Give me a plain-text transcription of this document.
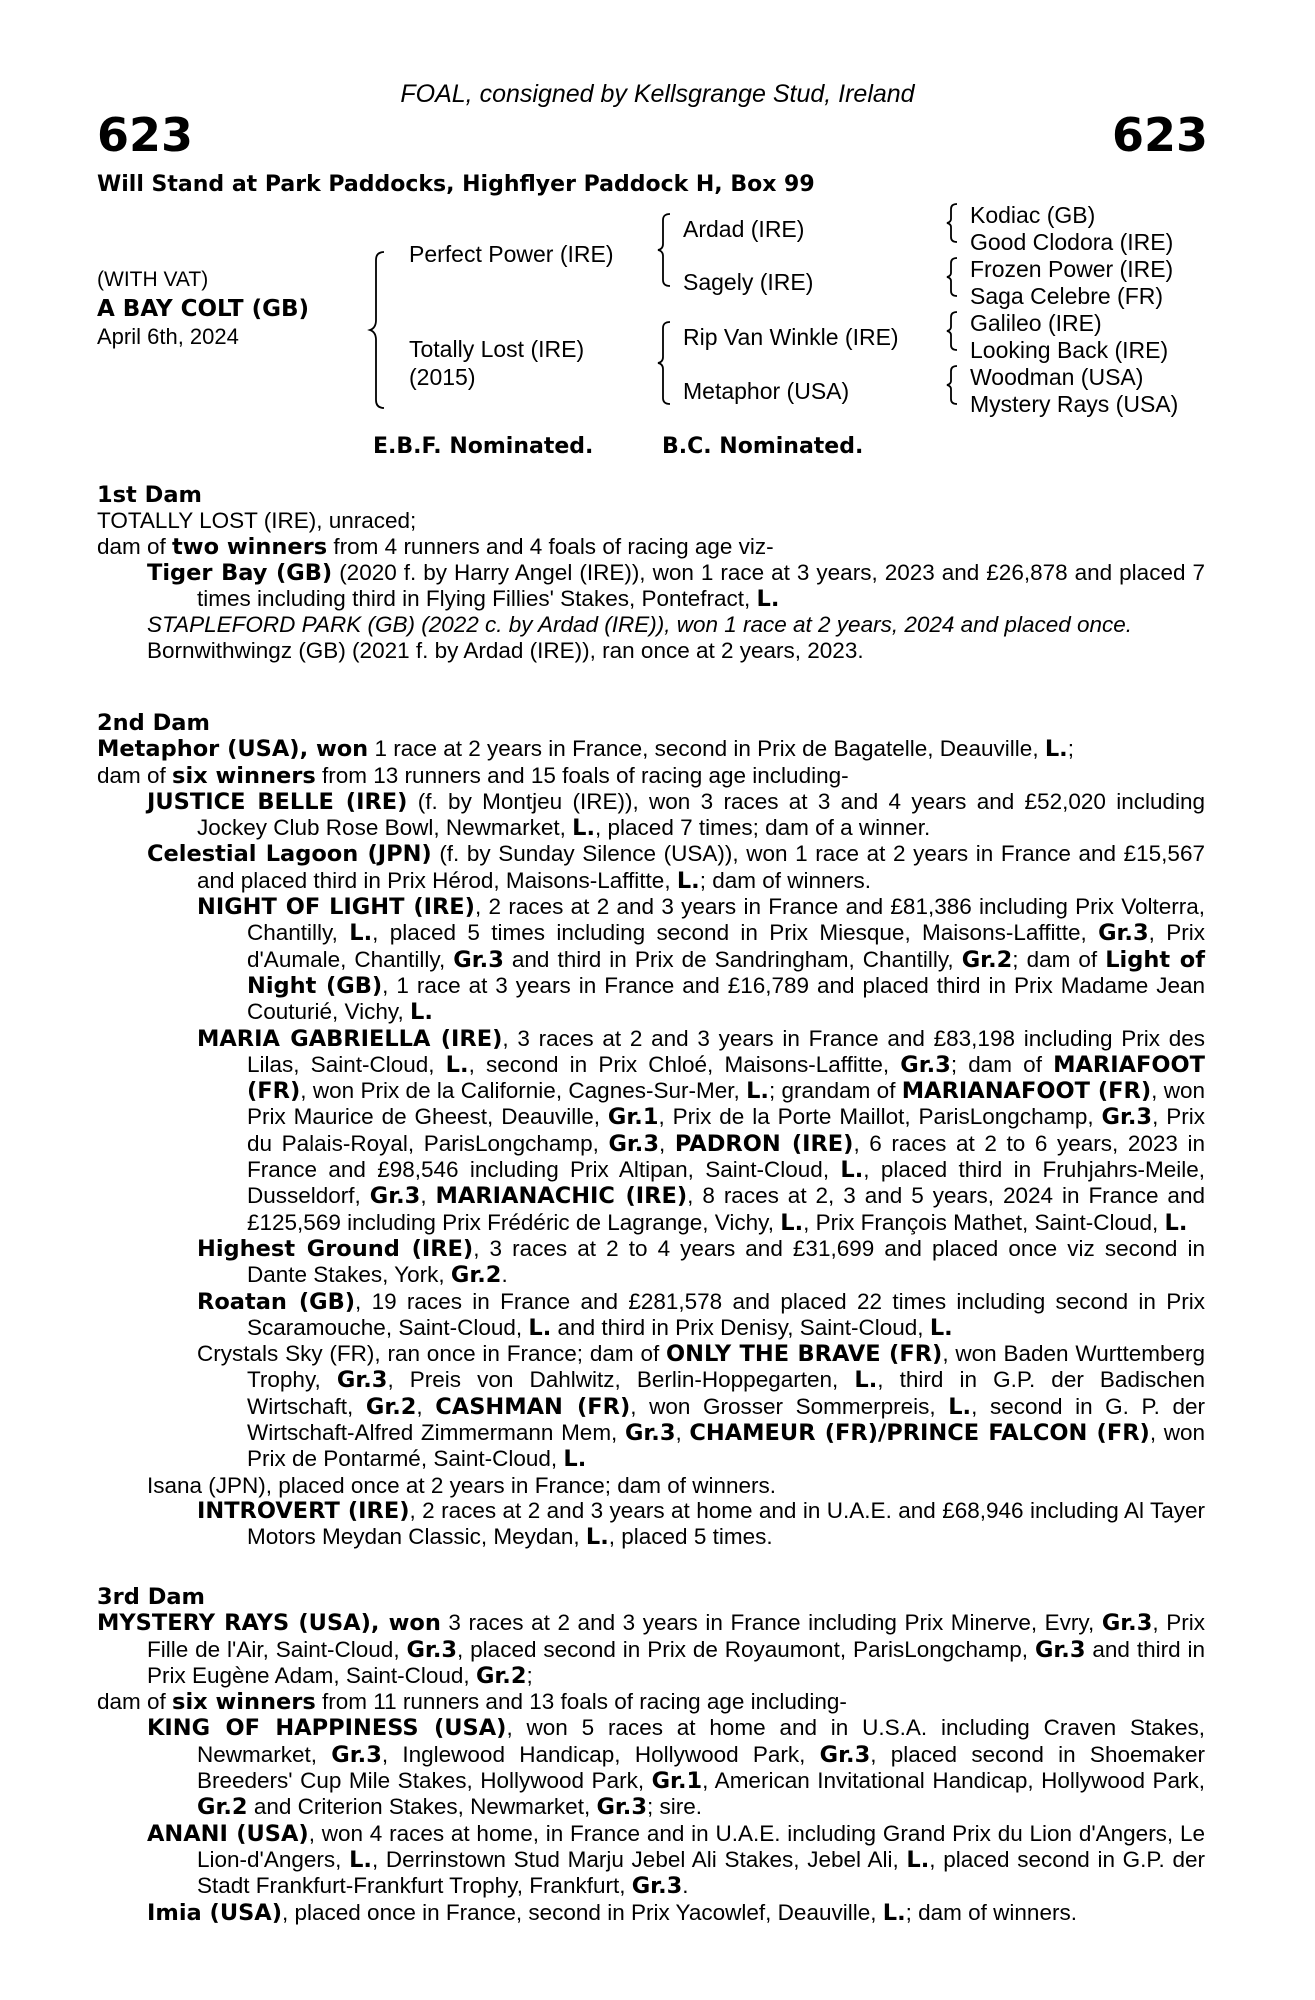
FOAL, consigned by Kellsgrange Stud, Ireland
623	623
Will Stand at Park Paddocks, Highflyer Paddock H, Box 99
(WITH VAT)
A BAY COLT (GB)
April 6th, 2024
Perfect Power (IRE)
Totally Lost (IRE)
(2015)
Ardad (IRE)
Sagely (IRE)
Rip Van Winkle (IRE)
Metaphor (USA)
Kodiac (GB)
Good Clodora (IRE)
Frozen Power (IRE)
Saga Celebre (FR)
Galileo (IRE)
Looking Back (IRE)
Woodman (USA)
Mystery Rays (USA)
E.B.F. Nominated.	B.C. Nominated.

1st Dam

TOTALLY LOST (IRE), unraced;

dam of two winners from 4 runners and 4 foals of racing age viz-

Tiger Bay (GB) (2020 f. by Harry Angel (IRE)), won 1 race at 3 years, 2023 and £26,878 and placed 7 times including third in Flying Fillies' Stakes, Pontefract, L.

STAPLEFORD PARK (GB) (2022 c. by Ardad (IRE)), won 1 race at 2 years, 2024 and placed once.

Bornwithwingz (GB) (2021 f. by Ardad (IRE)), ran once at 2 years, 2023.

2nd Dam

Metaphor (USA), won 1 race at 2 years in France, second in Prix de Bagatelle, Deauville, L.;

dam of six winners from 13 runners and 15 foals of racing age including-

JUSTICE BELLE (IRE) (f. by Montjeu (IRE)), won 3 races at 3 and 4 years and £52,020 including Jockey Club Rose Bowl, Newmarket, L., placed 7 times; dam of a winner.

Celestial Lagoon (JPN) (f. by Sunday Silence (USA)), won 1 race at 2 years in France and £15,567 and placed third in Prix Hérod, Maisons-Laffitte, L.; dam of winners.

NIGHT OF LIGHT (IRE), 2 races at 2 and 3 years in France and £81,386 including Prix Volterra, Chantilly, L., placed 5 times including second in Prix Miesque, Maisons-Laffitte, Gr.3, Prix d'Aumale, Chantilly, Gr.3 and third in Prix de Sandringham, Chantilly, Gr.2; dam of Light of Night (GB), 1 race at 3 years in France and £16,789 and placed third in Prix Madame Jean Couturié, Vichy, L.

MARIA GABRIELLA (IRE), 3 races at 2 and 3 years in France and £83,198 including Prix des Lilas, Saint-Cloud, L., second in Prix Chloé, Maisons-Laffitte, Gr.3; dam of MARIAFOOT (FR), won Prix de la Californie, Cagnes-Sur-Mer, L.; grandam of MARIANAFOOT (FR), won Prix Maurice de Gheest, Deauville, Gr.1, Prix de la Porte Maillot, ParisLongchamp, Gr.3, Prix du Palais-Royal, ParisLongchamp, Gr.3, PADRON (IRE), 6 races at 2 to 6 years, 2023 in France and £98,546 including Prix Altipan, Saint-Cloud, L., placed third in Fruhjahrs-Meile, Dusseldorf, Gr.3, MARIANACHIC (IRE), 8 races at 2, 3 and 5 years, 2024 in France and £125,569 including Prix Frédéric de Lagrange, Vichy, L., Prix François Mathet, Saint-Cloud, L.

Highest Ground (IRE), 3 races at 2 to 4 years and £31,699 and placed once viz second in Dante Stakes, York, Gr.2.

Roatan (GB), 19 races in France and £281,578 and placed 22 times including second in Prix Scaramouche, Saint-Cloud, L. and third in Prix Denisy, Saint-Cloud, L.

Crystals Sky (FR), ran once in France; dam of ONLY THE BRAVE (FR), won Baden Wurttemberg Trophy, Gr.3, Preis von Dahlwitz, Berlin-Hoppegarten, L., third in G.P. der Badischen Wirtschaft, Gr.2, CASHMAN (FR), won Grosser Sommerpreis, L., second in G. P. der Wirtschaft-Alfred Zimmermann Mem, Gr.3, CHAMEUR (FR)/PRINCE FALCON (FR), won Prix de Pontarmé, Saint-Cloud, L.

Isana (JPN), placed once at 2 years in France; dam of winners.

INTROVERT (IRE), 2 races at 2 and 3 years at home and in U.A.E. and £68,946 including Al Tayer Motors Meydan Classic, Meydan, L., placed 5 times.

3rd Dam

MYSTERY RAYS (USA), won 3 races at 2 and 3 years in France including Prix Minerve, Evry, Gr.3, Prix Fille de l'Air, Saint-Cloud, Gr.3, placed second in Prix de Royaumont, ParisLongchamp, Gr.3 and third in Prix Eugène Adam, Saint-Cloud, Gr.2;

dam of six winners from 11 runners and 13 foals of racing age including-

KING OF HAPPINESS (USA), won 5 races at home and in U.S.A. including Craven Stakes, Newmarket, Gr.3, Inglewood Handicap, Hollywood Park, Gr.3, placed second in Shoemaker Breeders' Cup Mile Stakes, Hollywood Park, Gr.1, American Invitational Handicap, Hollywood Park, Gr.2 and Criterion Stakes, Newmarket, Gr.3; sire.

ANANI (USA), won 4 races at home, in France and in U.A.E. including Grand Prix du Lion d'Angers, Le Lion-d'Angers, L., Derrinstown Stud Marju Jebel Ali Stakes, Jebel Ali, L., placed second in G.P. der Stadt Frankfurt-Frankfurt Trophy, Frankfurt, Gr.3.

Imia (USA), placed once in France, second in Prix Yacowlef, Deauville, L.; dam of winners.
